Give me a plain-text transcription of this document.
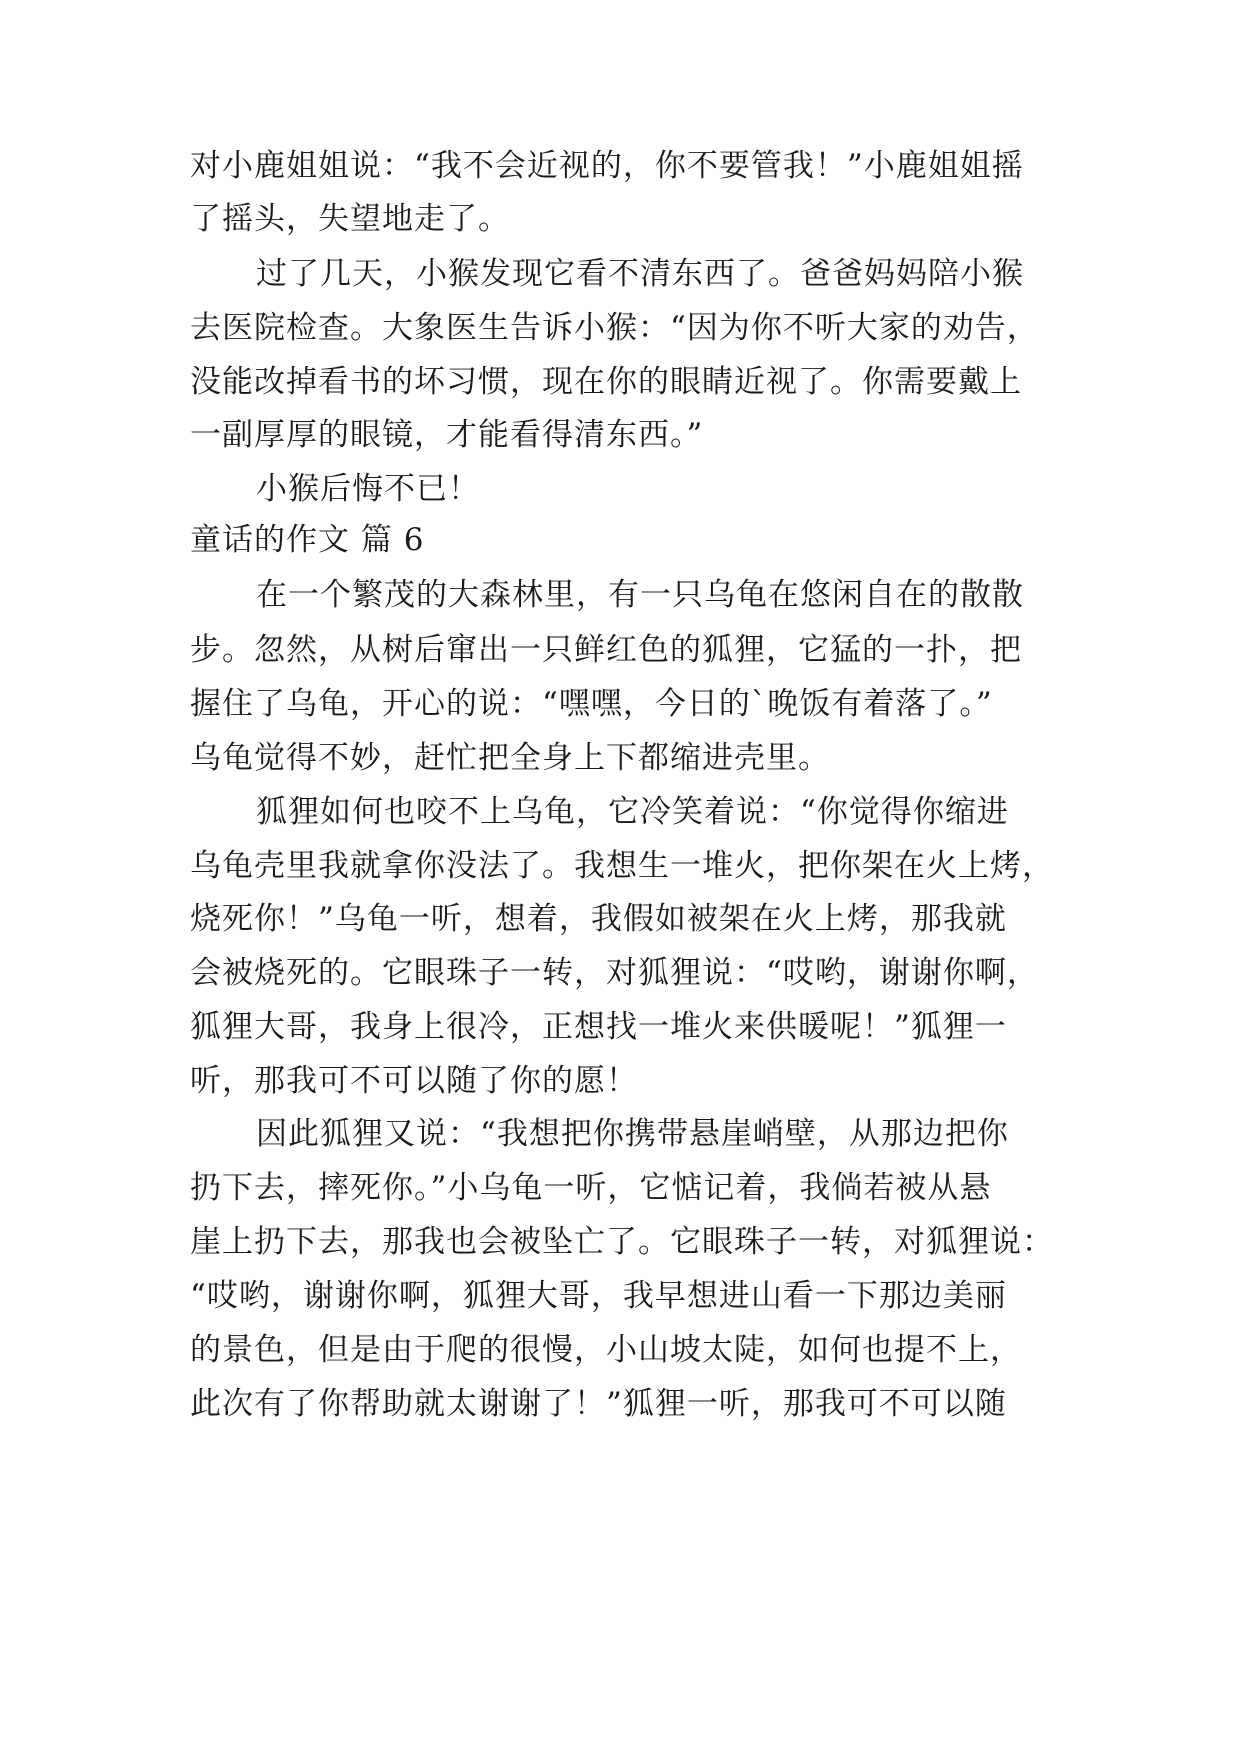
对小鹿姐姐说：“我不会近视的，你不要管我！”小鹿姐姐摇
了摇头，失望地走了。
过了几天，小猴发现它看不清东西了。爸爸妈妈陪小猴
去医院检查。大象医生告诉小猴：“因为你不听大家的劝告，
没能改掉看书的坏习惯，现在你的眼睛近视了。你需要戴上
一副厚厚的眼镜，才能看得清东西。”
小猴后悔不已！
童话的作文 篇 6
在一个繁茂的大森林里，有一只乌龟在悠闲自在的散散
步。忽然，从树后窜出一只鲜红色的狐狸，它猛的一扑，把
握住了乌龟，开心的说：“嘿嘿，今日的`晚饭有着落了。”
乌龟觉得不妙，赶忙把全身上下都缩进壳里。
狐狸如何也咬不上乌龟，它冷笑着说：“你觉得你缩进
乌龟壳里我就拿你没法了。我想生一堆火，把你架在火上烤，
烧死你！”乌龟一听，想着，我假如被架在火上烤，那我就
会被烧死的。它眼珠子一转，对狐狸说：“哎哟，谢谢你啊，
狐狸大哥，我身上很冷，正想找一堆火来供暖呢！”狐狸一
听，那我可不可以随了你的愿！
因此狐狸又说：“我想把你携带悬崖峭壁，从那边把你
扔下去，摔死你。”小乌龟一听，它惦记着，我倘若被从悬
崖上扔下去，那我也会被坠亡了。它眼珠子一转，对狐狸说：
“哎哟，谢谢你啊，狐狸大哥，我早想进山看一下那边美丽
的景色，但是由于爬的很慢，小山坡太陡，如何也提不上，
此次有了你帮助就太谢谢了！”狐狸一听，那我可不可以随
